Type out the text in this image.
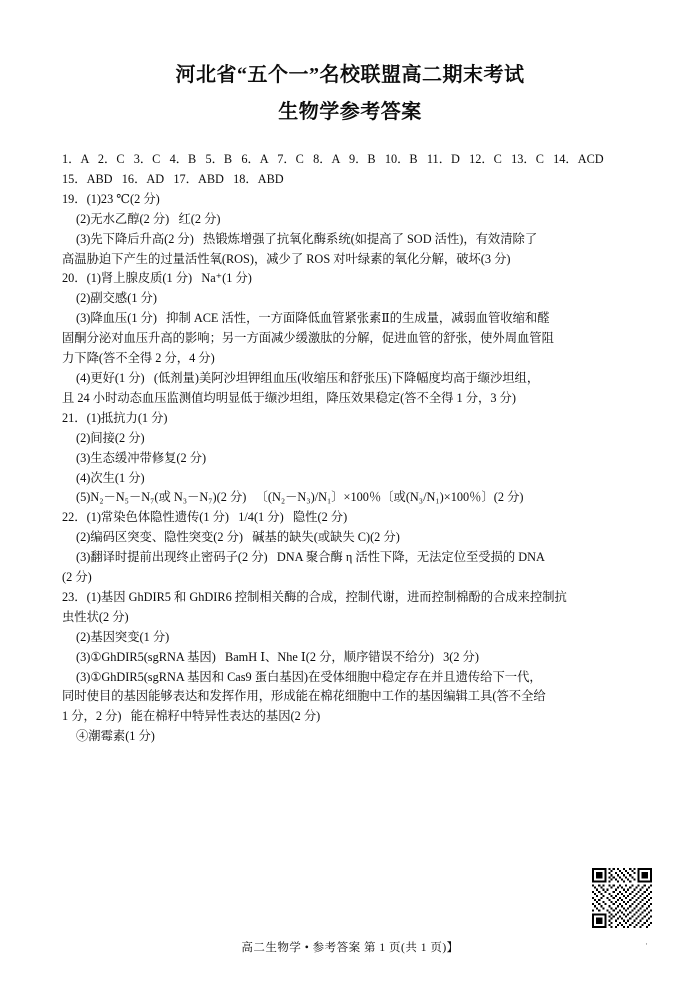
河北省“五个一”名校联盟高二期末考试
生物学参考答案
1．A   2．C   3．C   4．B   5．B   6．A   7．C   8．A   9．B   10．B   11．D   12．C   13．C   14．ACD
15．ABD   16．AD   17．ABD   18．ABD
19．(1)23 ℃(2 分)
(2)无水乙醇(2 分)   红(2 分)
(3)先下降后升高(2 分)   热锻炼增强了抗氧化酶系统(如提高了 SOD 活性)，有效清除了
高温胁迫下产生的过量活性氧(ROS)，减少了 ROS 对叶绿素的氧化分解，破坏(3 分)
20．(1)肾上腺皮质(1 分)   Na⁺(1 分)
(2)副交感(1 分)
(3)降血压(1 分)   抑制 ACE 活性，一方面降低血管紧张素Ⅱ的生成量，减弱血管收缩和醛
固酮分泌对血压升高的影响；另一方面减少缓激肽的分解，促进血管的舒张，使外周血管阻
力下降(答不全得 2 分，4 分)
(4)更好(1 分)   (低剂量)美阿沙坦钾组血压(收缩压和舒张压)下降幅度均高于缬沙坦组，
且 24 小时动态血压监测值均明显低于缬沙坦组，降压效果稳定(答不全得 1 分，3 分)
21．(1)抵抗力(1 分)
(2)间接(2 分)
(3)生态缓冲带修复(2 分)
(4)次生(1 分)
(5)N₂－N₅－N₇(或 N₃－N₇)(2 分)   〔(N₂－N₃)/N₁〕×100％〔或(N₃/N₁)×100％〕(2 分)
22．(1)常染色体隐性遗传(1 分)   1/4(1 分)   隐性(2 分)
(2)编码区突变、隐性突变(2 分)   碱基的缺失(或缺失 C)(2 分)
(3)翻译时提前出现终止密码子(2 分)   DNA 聚合酶 η 活性下降，无法定位至受损的 DNA
(2 分)
23．(1)基因 GhDIR5 和 GhDIR6 控制相关酶的合成，控制代谢，进而控制棉酚的合成来控制抗
虫性状(2 分)
(2)基因突变(1 分)
(3)①GhDIR5(sgRNA 基因)   BamH Ⅰ、Nhe Ⅰ(2 分，顺序错误不给分)   3(2 分)
(3)①GhDIR5(sgRNA 基因和 Cas9 蛋白基因)在受体细胞中稳定存在并且遗传给下一代，
同时使目的基因能够表达和发挥作用，形成能在棉花细胞中工作的基因编辑工具(答不全给
1 分，2 分)   能在棉籽中特异性表达的基因(2 分)
④潮霉素(1 分)
·
高二生物学 • 参考答案 第 1 页(共 1 页)】
